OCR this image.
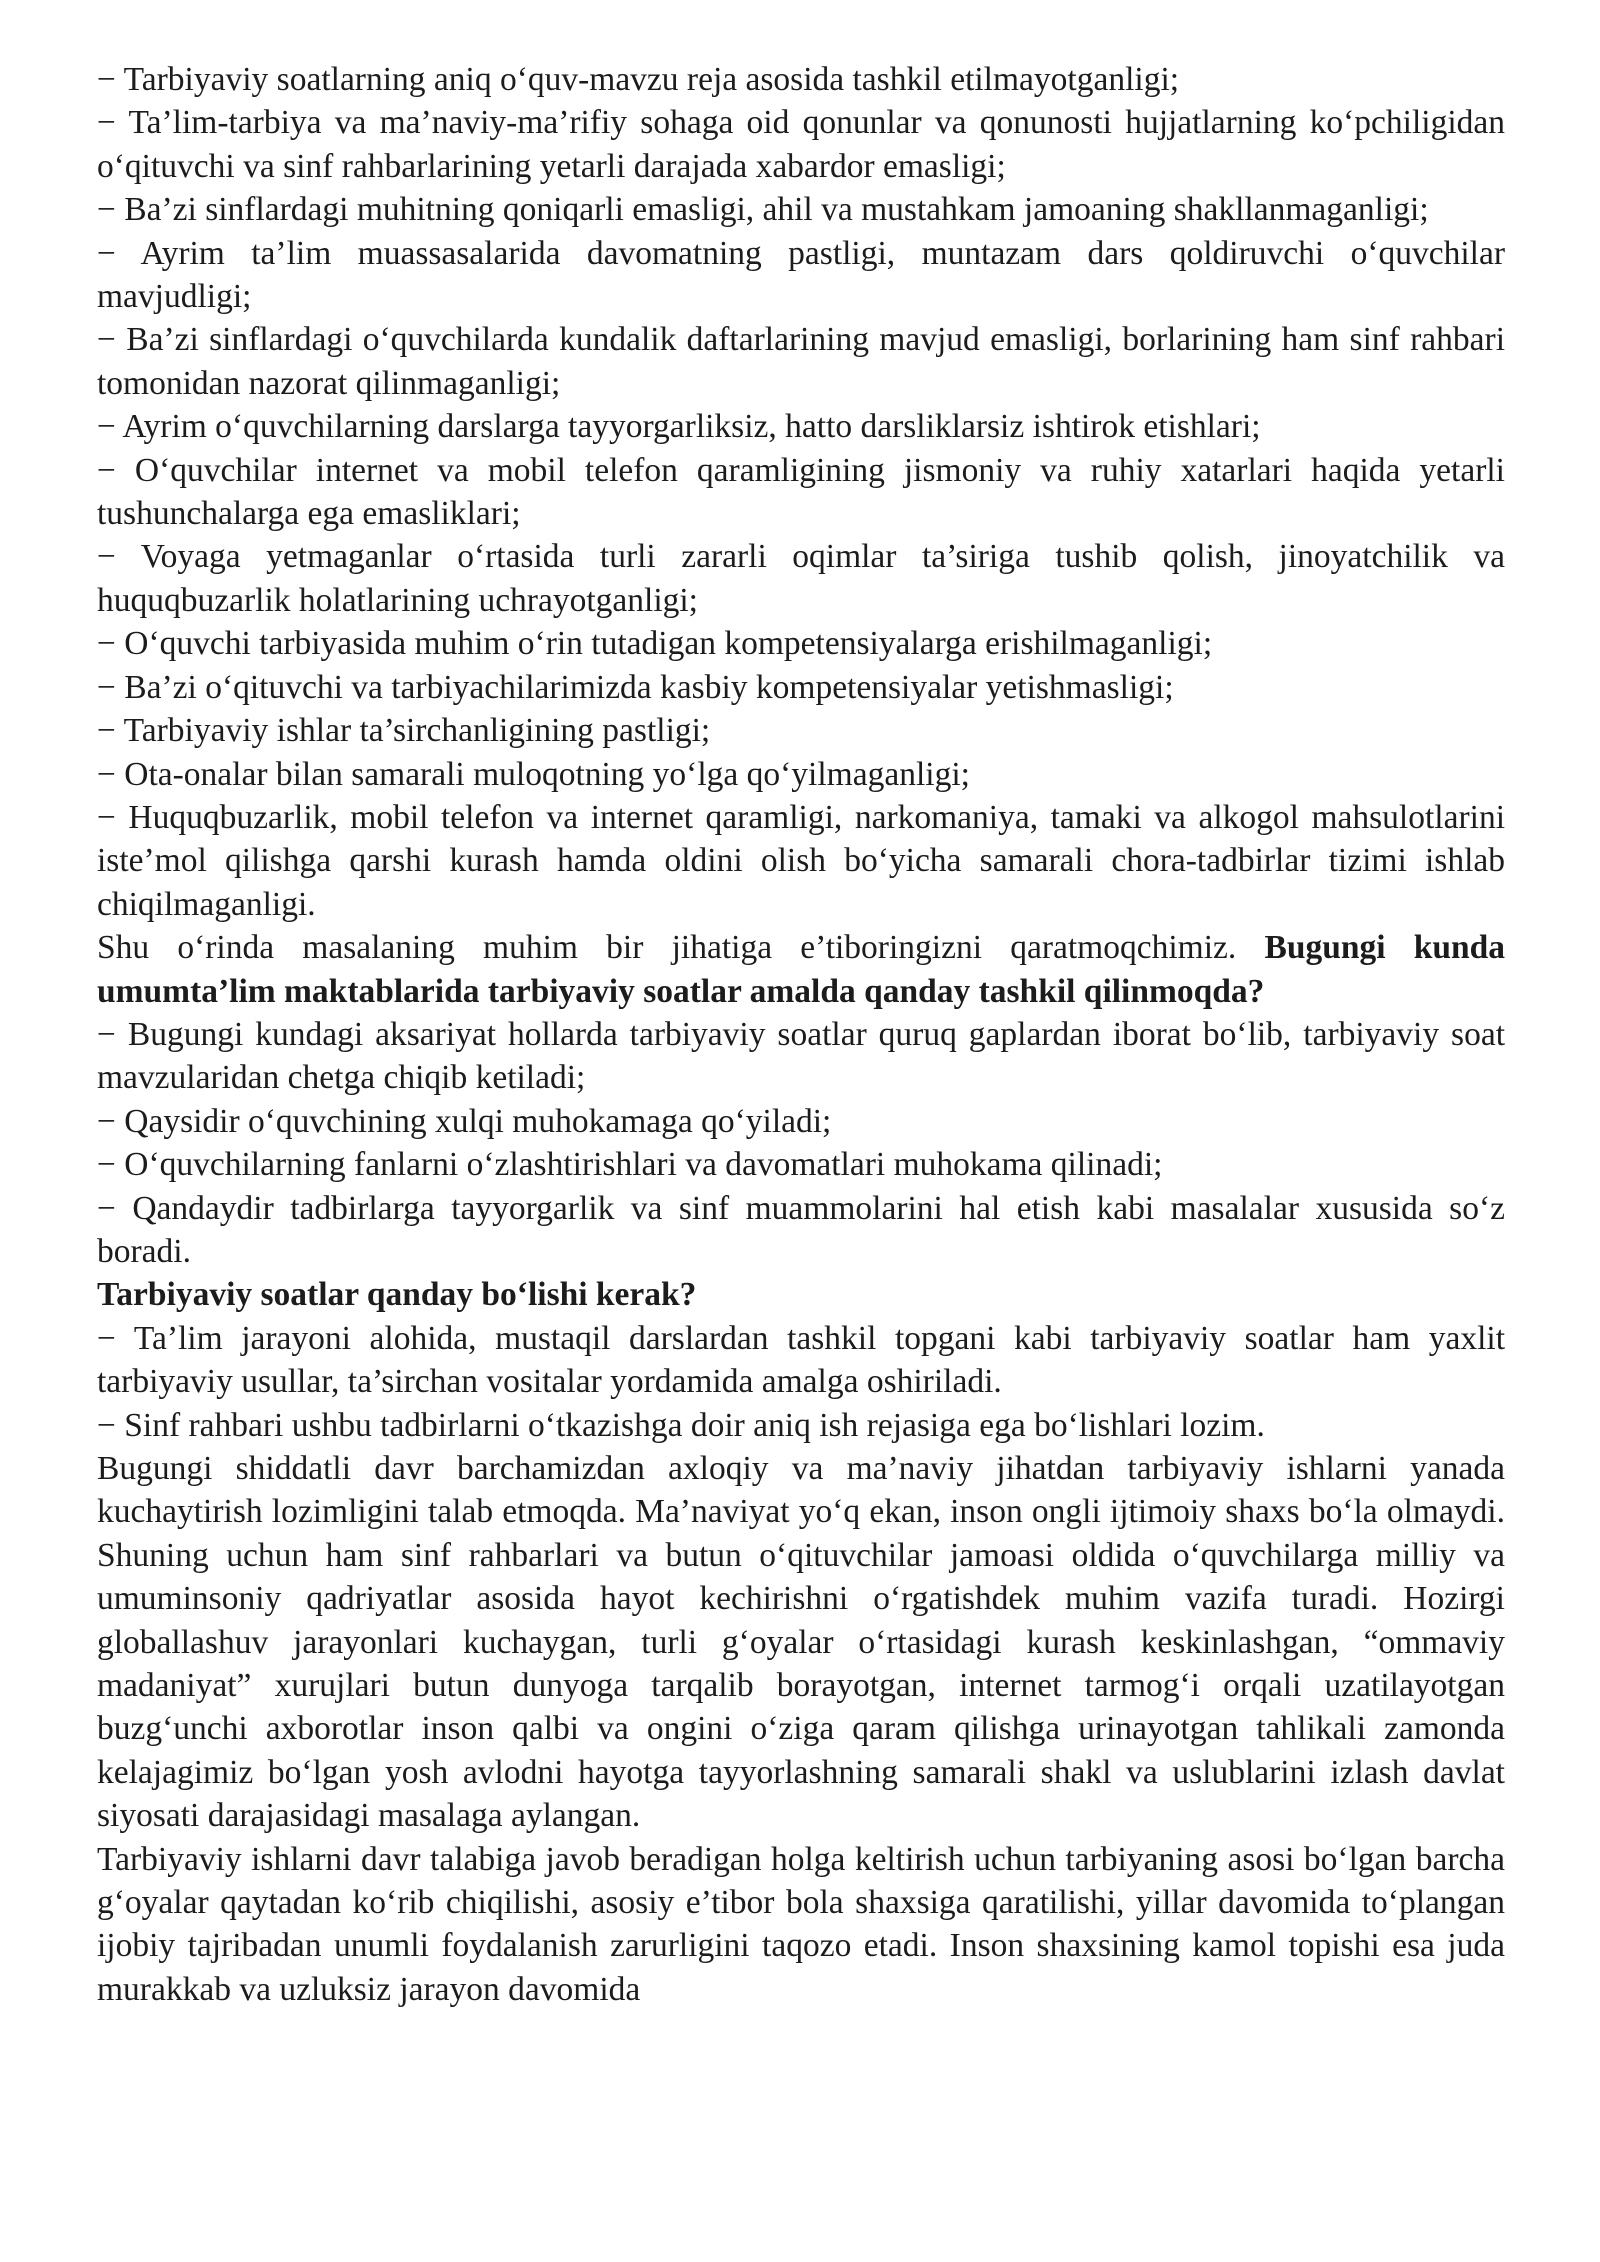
− Tarbiyaviy soatlarning aniq o‘quv-mavzu reja asosida tashkil etilmayotganligi;

− Ta’lim-tarbiya va ma’naviy-ma’rifiy sohaga oid qonunlar va qonunosti hujjatlarning ko‘pchiligidan o‘qituvchi va sinf rahbarlarining yetarli darajada xabardor emasligi;

− Ba’zi sinflardagi muhitning qoniqarli emasligi, ahil va mustahkam jamoaning shakllanmaganligi;

− Ayrim ta’lim muassasalarida davomatning pastligi, muntazam dars qoldiruvchi o‘quvchilar mavjudligi;

− Ba’zi sinflardagi o‘quvchilarda kundalik daftarlarining mavjud emasligi, borlarining ham sinf rahbari tomonidan nazorat qilinmaganligi;

− Ayrim o‘quvchilarning darslarga tayyorgarliksiz, hatto darsliklarsiz ishtirok etishlari;

− O‘quvchilar internet va mobil telefon qaramligining jismoniy va ruhiy xatarlari haqida yetarli tushunchalarga ega emasliklari;

− Voyaga yetmaganlar o‘rtasida turli zararli oqimlar ta’siriga tushib qolish, jinoyatchilik va huquqbuzarlik holatlarining uchrayotganligi;

− O‘quvchi tarbiyasida muhim o‘rin tutadigan kompetensiyalarga erishilmaganligi;

− Ba’zi o‘qituvchi va tarbiyachilarimizda kasbiy kompetensiyalar yetishmasligi;

− Tarbiyaviy ishlar ta’sirchanligining pastligi;

− Ota-onalar bilan samarali muloqotning yo‘lga qo‘yilmaganligi;

− Huquqbuzarlik, mobil telefon va internet qaramligi, narkomaniya, tamaki va alkogol mahsulotlarini iste’mol qilishga qarshi kurash hamda oldini olish bo‘yicha samarali chora-tadbirlar tizimi ishlab chiqilmaganligi.

Shu o‘rinda masalaning muhim bir jihatiga e’tiboringizni qaratmoqchimiz. Bugungi kunda umumta’lim maktablarida tarbiyaviy soatlar amalda qanday tashkil qilinmoqda?

− Bugungi kundagi aksariyat hollarda tarbiyaviy soatlar quruq gaplardan iborat bo‘lib, tarbiyaviy soat mavzularidan chetga chiqib ketiladi;

− Qaysidir o‘quvchining xulqi muhokamaga qo‘yiladi;

− O‘quvchilarning fanlarni o‘zlashtirishlari va davomatlari muhokama qilinadi;

− Qandaydir tadbirlarga tayyorgarlik va sinf muammolarini hal etish kabi masalalar xususida so‘z boradi.

Tarbiyaviy soatlar qanday bo‘lishi kerak?

− Ta’lim jarayoni alohida, mustaqil darslardan tashkil topgani kabi tarbiyaviy soatlar ham yaxlit tarbiyaviy usullar, ta’sirchan vositalar yordamida amalga oshiriladi.

− Sinf rahbari ushbu tadbirlarni o‘tkazishga doir aniq ish rejasiga ega bo‘lishlari lozim.

Bugungi shiddatli davr barchamizdan axloqiy va ma’naviy jihatdan tarbiyaviy ishlarni yanada kuchaytirish lozimligini talab etmoqda. Ma’naviyat yo‘q ekan, inson ongli ijtimoiy shaxs bo‘la olmaydi. Shuning uchun ham sinf rahbarlari va butun o‘qituvchilar jamoasi oldida o‘quvchilarga milliy va umuminsoniy qadriyatlar asosida hayot kechirishni o‘rgatishdek muhim vazifa turadi. Hozirgi globallashuv jarayonlari kuchaygan, turli g‘oyalar o‘rtasidagi kurash keskinlashgan, “ommaviy madaniyat” xurujlari butun dunyoga tarqalib borayotgan, internet tarmog‘i orqali uzatilayotgan buzg‘unchi axborotlar inson qalbi va ongini o‘ziga qaram qilishga urinayotgan tahlikali zamonda kelajagimiz bo‘lgan yosh avlodni hayotga tayyorlashning samarali shakl va uslublarini izlash davlat siyosati darajasidagi masalaga aylangan.

Tarbiyaviy ishlarni davr talabiga javob beradigan holga keltirish uchun tarbiyaning asosi bo‘lgan barcha g‘oyalar qaytadan ko‘rib chiqilishi, asosiy e’tibor bola shaxsiga qaratilishi, yillar davomida to‘plangan ijobiy tajribadan unumli foydalanish zarurligini taqozo etadi. Inson shaxsining kamol topishi esa juda murakkab va uzluksiz jarayon davomida
